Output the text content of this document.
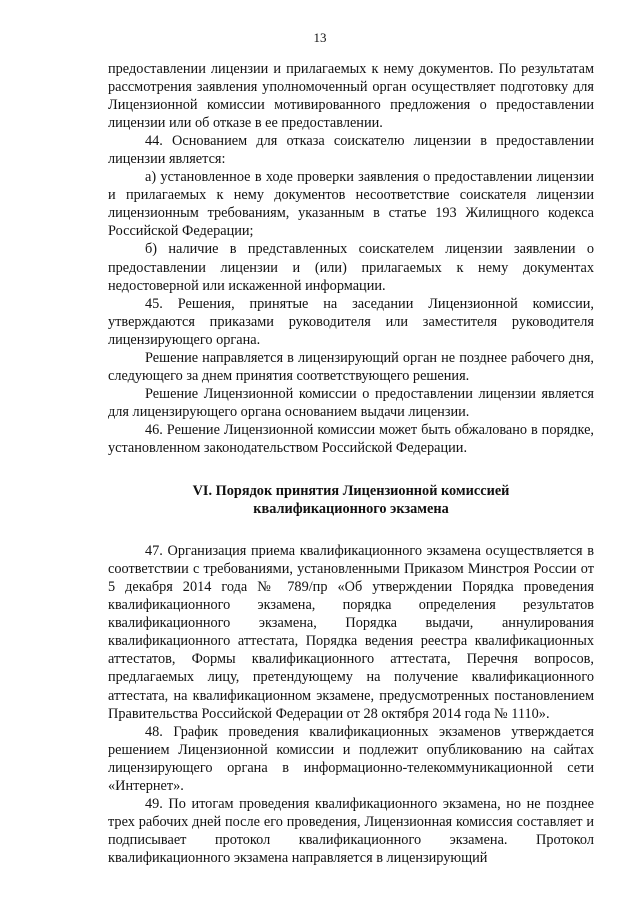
13

предоставлении лицензии и прилагаемых к нему документов. По результатам рассмотрения заявления уполномоченный орган осуществляет подготовку для Лицензионной комиссии мотивированного предложения о предоставлении лицензии или об отказе в ее предоставлении.

44. Основанием для отказа соискателю лицензии в предоставлении лицензии является:

а) установленное в ходе проверки заявления о предоставлении лицензии и прилагаемых к нему документов несоответствие соискателя лицензии лицензионным требованиям, указанным в статье 193 Жилищного кодекса Российской Федерации;

б) наличие в представленных соискателем лицензии заявлении о предоставлении лицензии и (или) прилагаемых к нему документах недостоверной или искаженной информации.

45. Решения, принятые на заседании Лицензионной комиссии, утверждаются приказами руководителя или заместителя руководителя лицензирующего органа.

Решение направляется в лицензирующий орган не позднее рабочего дня, следующего за днем принятия соответствующего решения.

Решение Лицензионной комиссии о предоставлении лицензии является для лицензирующего органа основанием выдачи лицензии.

46. Решение Лицензионной комиссии может быть обжаловано в порядке, установленном законодательством Российской Федерации.

VI. Порядок принятия Лицензионной комиссией
квалификационного экзамена

47. Организация приема квалификационного экзамена осуществляется в соответствии с требованиями, установленными Приказом Минстроя России от 5 декабря 2014 года № 789/пр «Об утверждении Порядка проведения квалификационного экзамена, порядка определения результатов квалификационного экзамена, Порядка выдачи, аннулирования квалификационного аттестата, Порядка ведения реестра квалификационных аттестатов, Формы квалификационного аттестата, Перечня вопросов, предлагаемых лицу, претендующему на получение квалификационного аттестата, на квалификационном экзамене, предусмотренных постановлением Правительства Российской Федерации от 28 октября 2014 года № 1110».

48. График проведения квалификационных экзаменов утверждается решением Лицензионной комиссии и подлежит опубликованию на сайтах лицензирующего органа в информационно-телекоммуникационной сети «Интернет».

49. По итогам проведения квалификационного экзамена, но не позднее трех рабочих дней после его проведения, Лицензионная комиссия составляет и подписывает протокол квалификационного экзамена. Протокол квалификационного экзамена направляется в лицензирующий
